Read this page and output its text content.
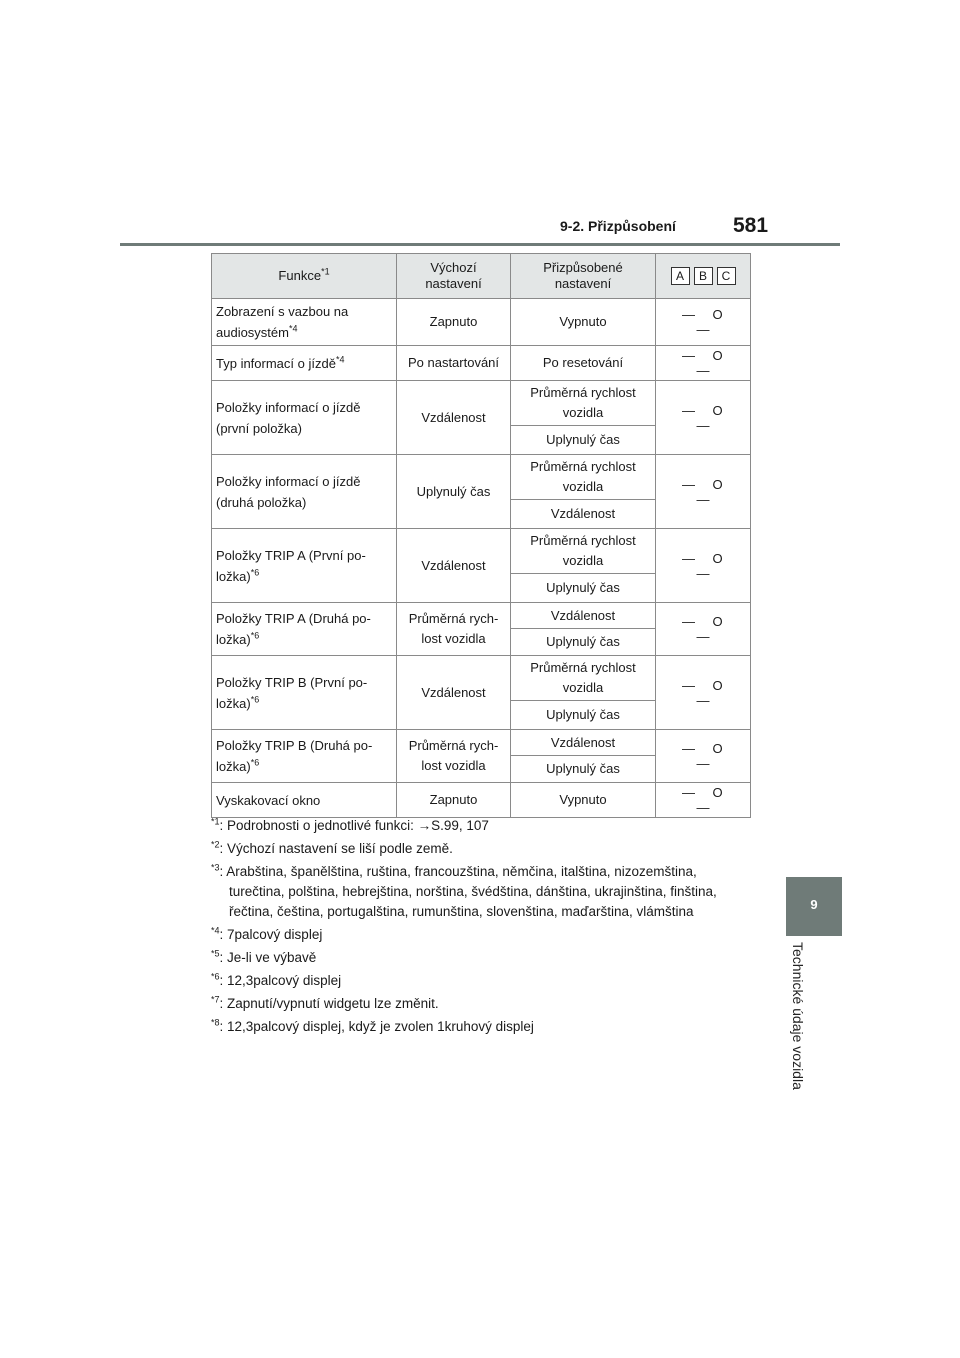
9-2. Přizpůsobení	581
9
Technické údaje vozidla
Funkce$^{*1}$	Výchozí nastavení	Přizpůsobené nastavení	A B C
Zobrazení s vazbou na audiosystém$^{*4}$	Zapnuto	Vypnuto	— O—
Typ informací o jízdě$^{*4}$	Po nastartování	Po resetování	— O—
Položky informací o jízdě (první položka)	Vzdálenost	Průměrná rychlost vozidla	— O—
		Uplynulý čas	
Položky informací o jízdě (druhá položka)	Uplynulý čas	Průměrná rychlost vozidla	— O—
		Vzdálenost	
Položky TRIP A (První po-ložka)$^{*6}$	Vzdálenost	Průměrná rychlost vozidla	— O—
		Uplynulý čas	
Položky TRIP A (Druhá po-ložka)$^{*6}$	Průměrná rych-lost vozidla	Vzdálenost	— O—
		Uplynulý čas	
Položky TRIP B (První po-ložka)$^{*6}$	Vzdálenost	Průměrná rychlost vozidla	— O—
		Uplynulý čas	
Položky TRIP B (Druhá po-ložka)$^{*6}$	Průměrná rych-lost vozidla	Vzdálenost	— O—
		Uplynulý čas	
Vyskakovací okno	Zapnuto	Vypnuto	— O—
$^{*1}$: Podrobnosti o jednotlivé funkci: →S.99, 107
$^{*2}$: Výchozí nastavení se liší podle země.
$^{*3}$: Arabština, španělština, ruština, francouzština, němčina, italština, nizozemština,
turečtina, polština, hebrejština, norština, švédština, dánština, ukrajinština, finština,
řečtina, čeština, portugalština, rumunština, slovenština, maďarština, vlámština
$^{*4}$: 7palcový displej
$^{*5}$: Je-li ve výbavě
$^{*6}$: 12,3palcový displej
$^{*7}$: Zapnutí/vypnutí widgetu lze změnit.
$^{*8}$: 12,3palcový displej, když je zvolen 1kruhový displej
